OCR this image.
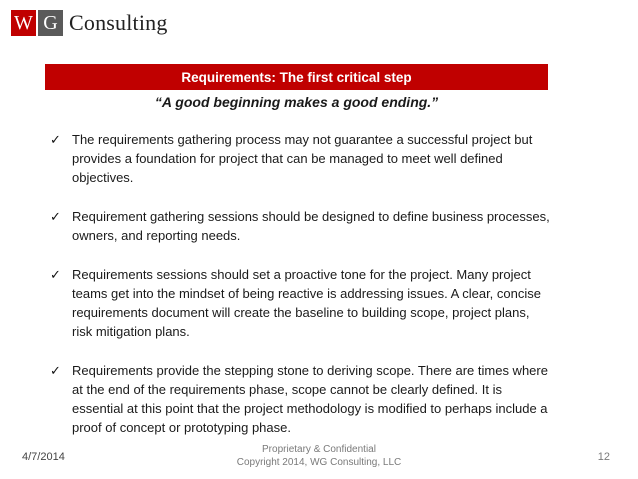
W G Consulting
Requirements: The first critical step
“A good beginning makes a good ending.”
✓ The requirements gathering process may not guarantee a successful project but provides a foundation for project that can be managed to meet well defined objectives.
✓ Requirement gathering sessions should be designed to define business processes, owners, and reporting needs.
✓ Requirements sessions should set a proactive tone for the project. Many project teams get into the mindset of being reactive is addressing issues. A clear, concise requirements document will create the baseline to building scope, project plans, risk mitigation plans.
✓ Requirements provide the stepping stone to deriving scope. There are times where at the end of the requirements phase, scope cannot be clearly defined. It is essential at this point that the project methodology is modified to perhaps include a proof of concept or prototyping phase.
4/7/2014
Proprietary & Confidential
Copyright 2014, WG Consulting, LLC	12
